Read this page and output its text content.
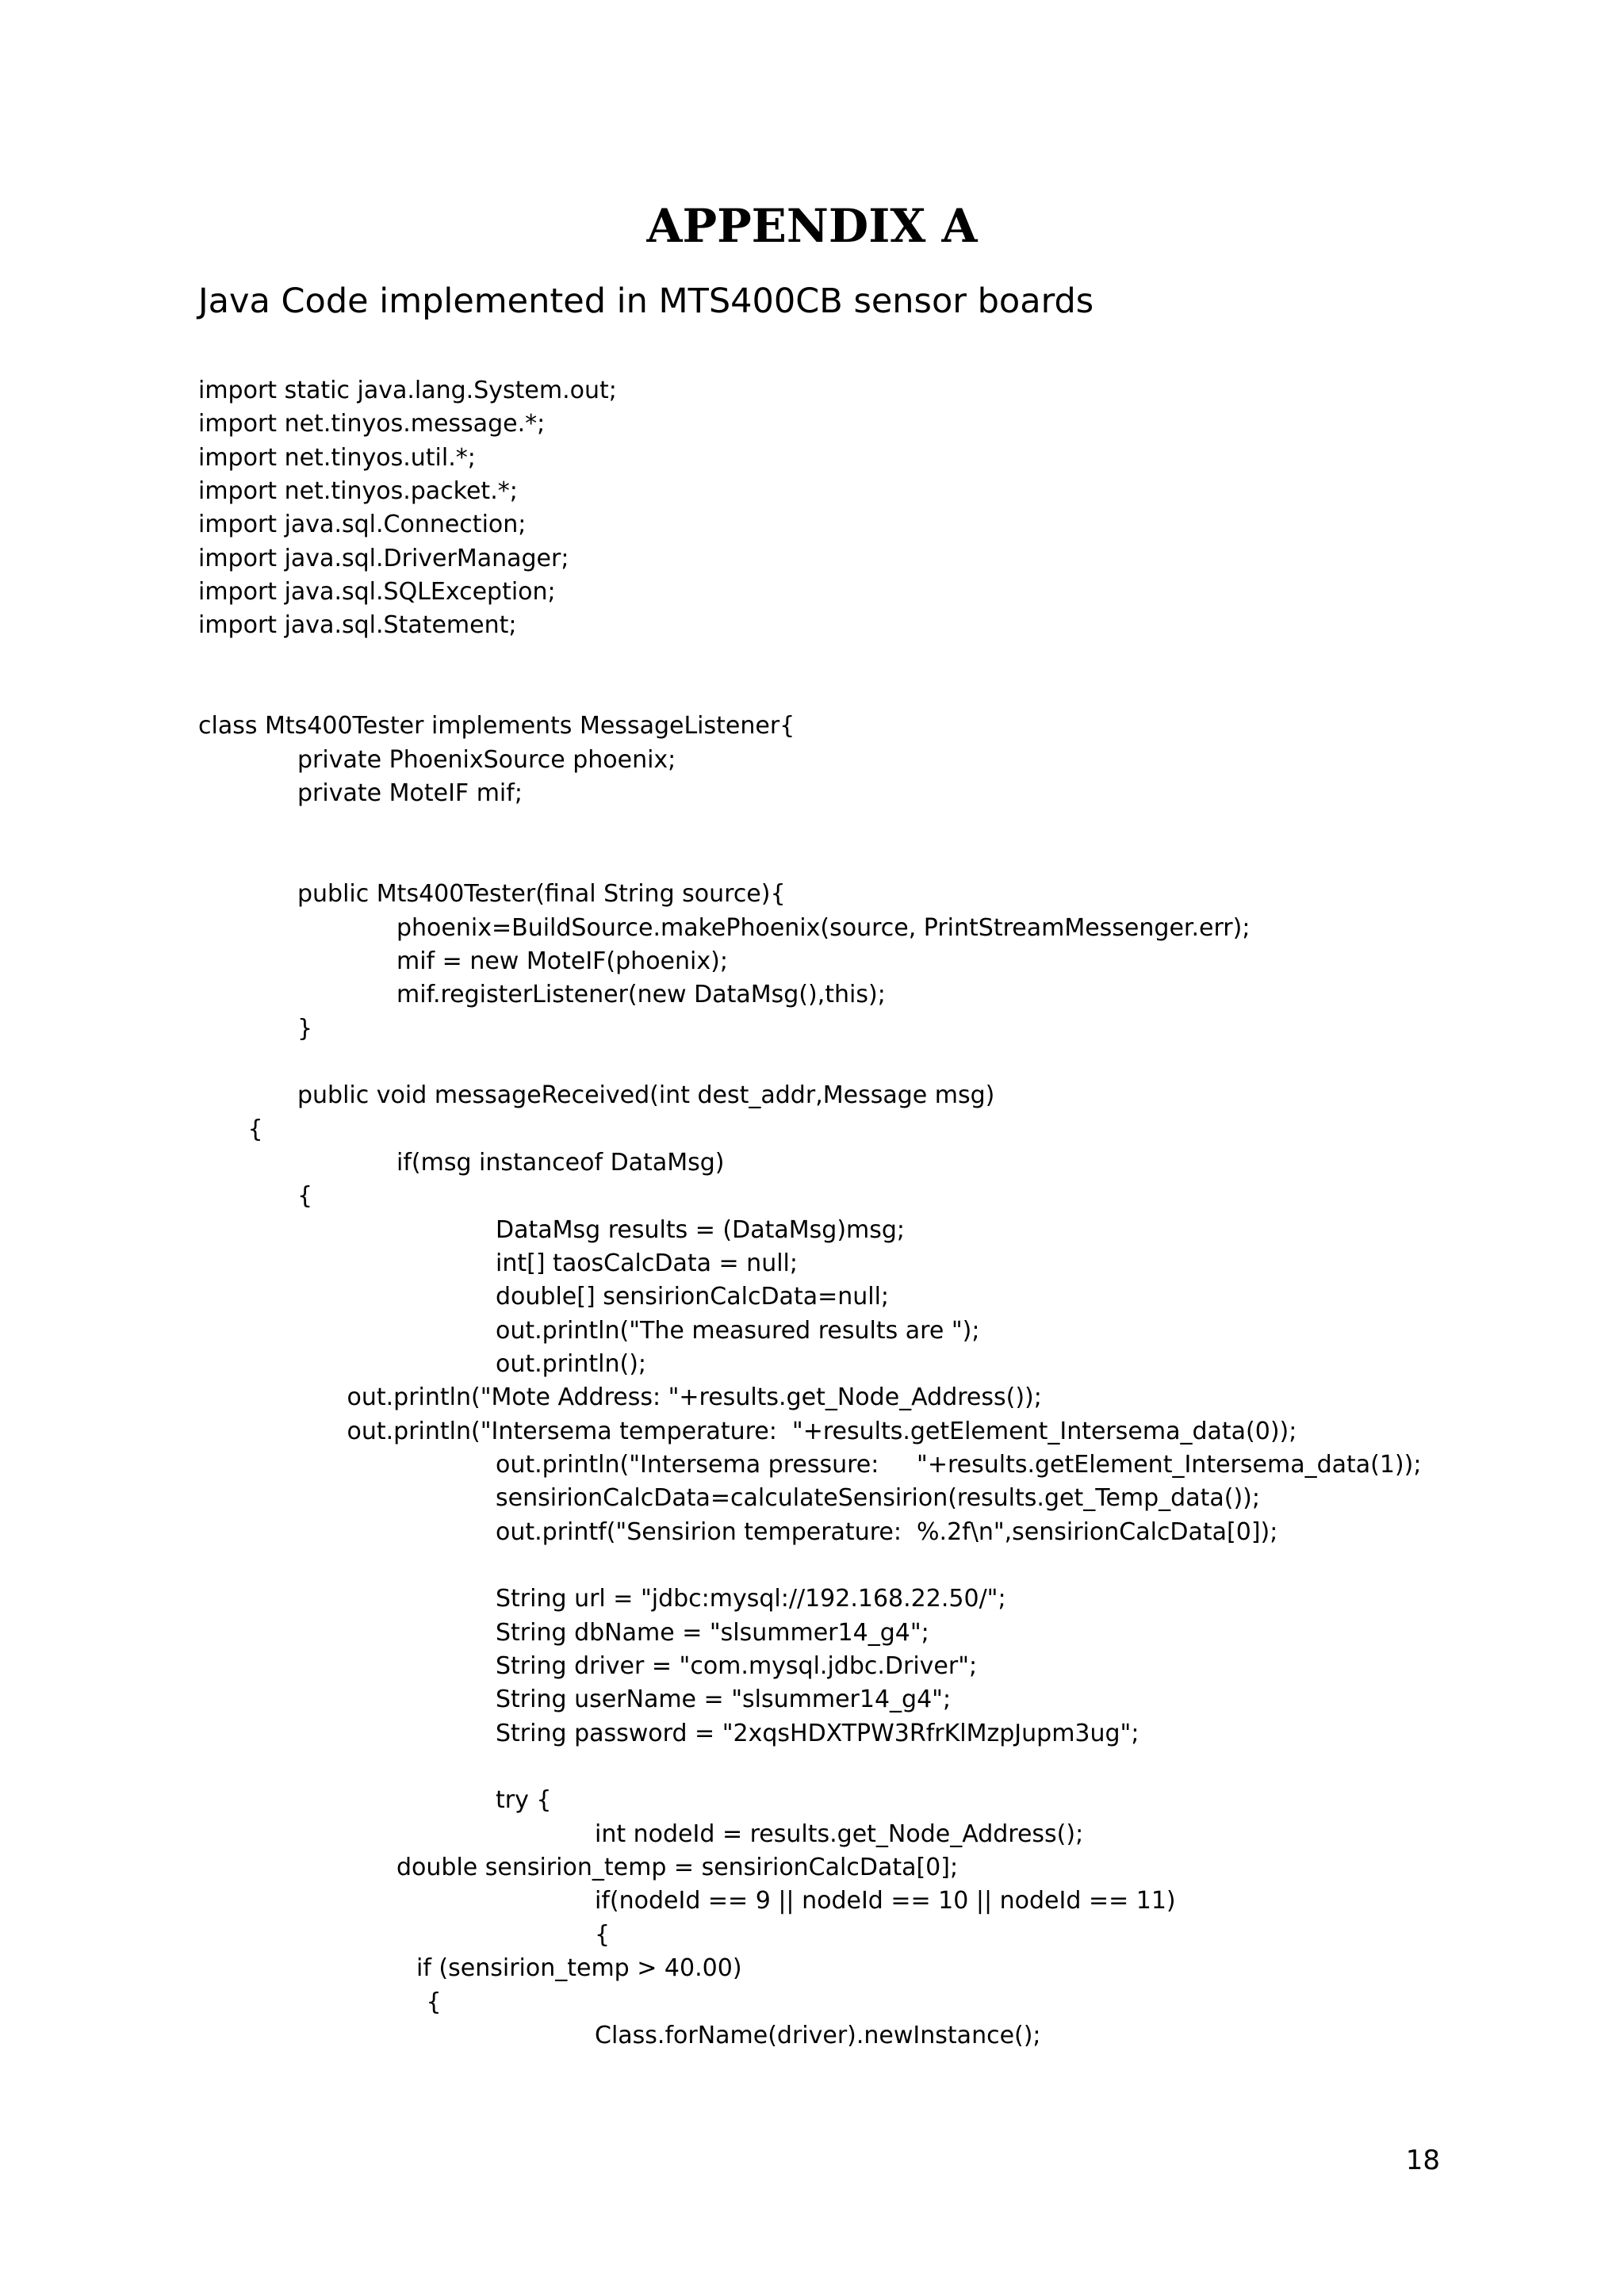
APPENDIX A
Java Code implemented in MTS400CB sensor boards
import static java.lang.System.out;
import net.tinyos.message.*;
import net.tinyos.util.*;
import net.tinyos.packet.*;
import java.sql.Connection;
import java.sql.DriverManager;
import java.sql.SQLException;
import java.sql.Statement;
class Mts400Tester implements MessageListener{
private PhoenixSource phoenix;
private MoteIF mif;
public Mts400Tester(final String source){
phoenix=BuildSource.makePhoenix(source, PrintStreamMessenger.err);
mif = new MoteIF(phoenix);
mif.registerListener(new DataMsg(),this);
}
public void messageReceived(int dest_addr,Message msg)
{
if(msg instanceof DataMsg)
{
DataMsg results = (DataMsg)msg;
int[] taosCalcData = null;
double[] sensirionCalcData=null;
out.println("The measured results are ");
out.println();
out.println("Mote Address: "+results.get_Node_Address());
out.println("Intersema temperature:  "+results.getElement_Intersema_data(0));
out.println("Intersema pressure:     "+results.getElement_Intersema_data(1));
sensirionCalcData=calculateSensirion(results.get_Temp_data());
out.printf("Sensirion temperature:  %.2f\n",sensirionCalcData[0]);
String url = "jdbc:mysql://192.168.22.50/";
String dbName = "slsummer14_g4";
String driver = "com.mysql.jdbc.Driver";
String userName = "slsummer14_g4";
String password = "2xqsHDXTPW3RfrKlMzpJupm3ug";
try {
int nodeId = results.get_Node_Address();
double sensirion_temp = sensirionCalcData[0];
if(nodeId == 9 || nodeId == 10 || nodeId == 11)
{
if (sensirion_temp > 40.00)
{
Class.forName(driver).newInstance();
18
